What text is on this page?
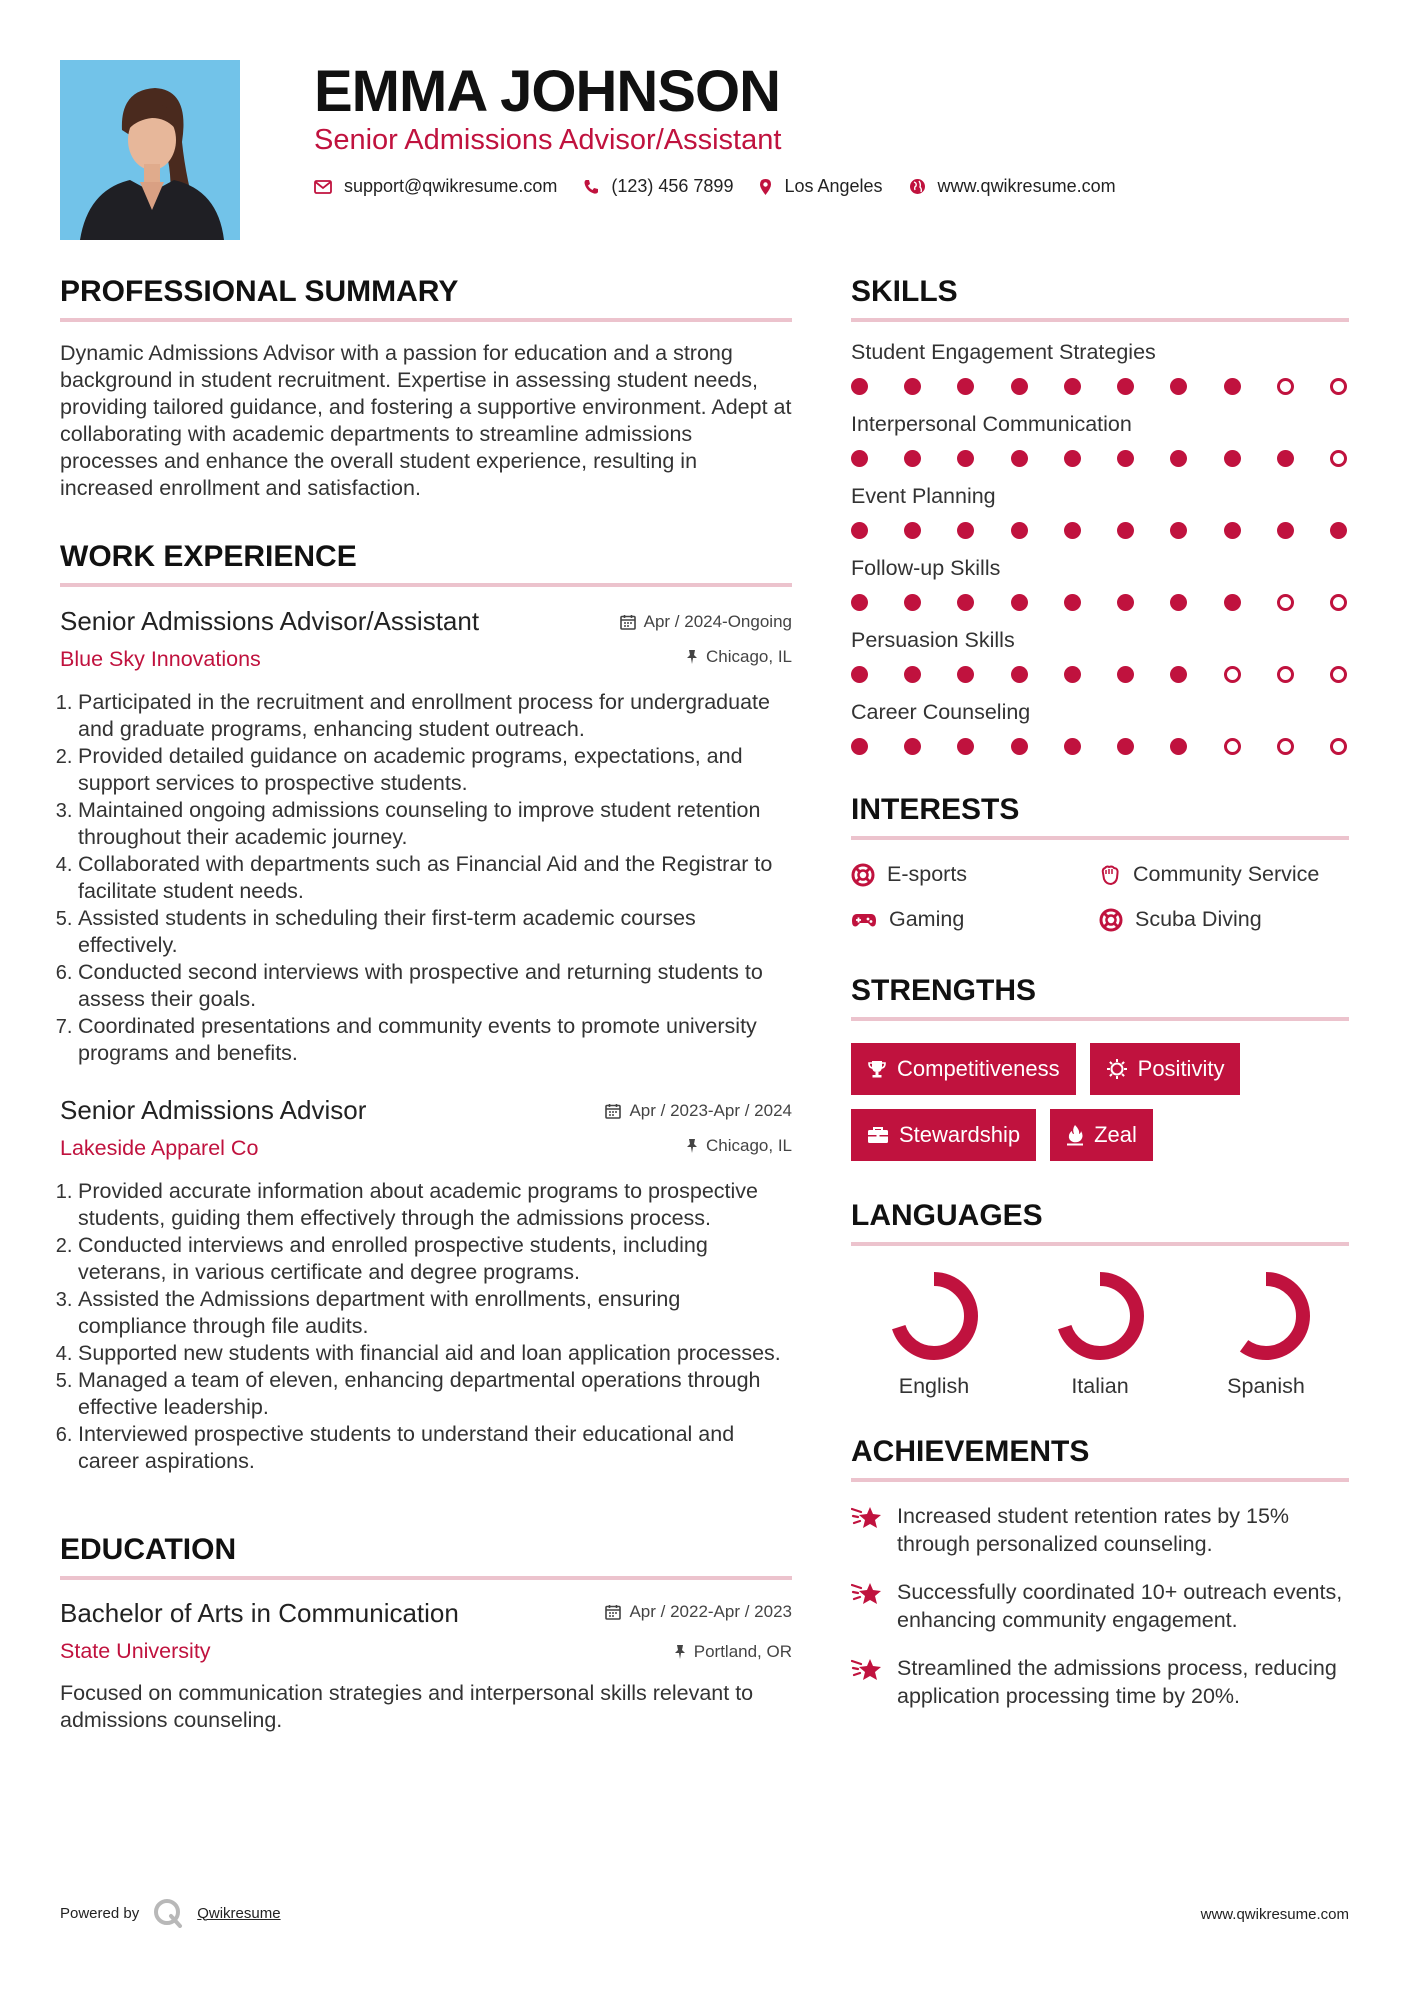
EMMA JOHNSON
Senior Admissions Advisor/Assistant
support@qwikresume.com	(123) 456 7899	Los Angeles	www.qwikresume.com
PROFESSIONAL SUMMARY

Dynamic Admissions Advisor with a passion for education and a strong background in student recruitment. Expertise in assessing student needs, providing tailored guidance, and fostering a supportive environment. Adept at collaborating with academic departments to streamline admissions processes and enhance the overall student experience, resulting in increased enrollment and satisfaction.

WORK EXPERIENCE
Senior Admissions Advisor/Assistant	Apr / 2024-Ongoing
Blue Sky Innovations	Chicago, IL
1. Participated in the recruitment and enrollment process for undergraduate and graduate programs, enhancing student outreach.
2. Provided detailed guidance on academic programs, expectations, and support services to prospective students.
3. Maintained ongoing admissions counseling to improve student retention throughout their academic journey.
4. Collaborated with departments such as Financial Aid and the Registrar to facilitate student needs.
5. Assisted students in scheduling their first-term academic courses effectively.
6. Conducted second interviews with prospective and returning students to assess their goals.
7. Coordinated presentations and community events to promote university programs and benefits.
Senior Admissions Advisor	Apr / 2023-Apr / 2024
Lakeside Apparel Co	Chicago, IL
1. Provided accurate information about academic programs to prospective students, guiding them effectively through the admissions process.
2. Conducted interviews and enrolled prospective students, including veterans, in various certificate and degree programs.
3. Assisted the Admissions department with enrollments, ensuring compliance through file audits.
4. Supported new students with financial aid and loan application processes.
5. Managed a team of eleven, enhancing departmental operations through effective leadership.
6. Interviewed prospective students to understand their educational and career aspirations.
EDUCATION
Bachelor of Arts in Communication	Apr / 2022-Apr / 2023
State University	Portland, OR

Focused on communication strategies and interpersonal skills relevant to admissions counseling.

SKILLS
Student Engagement Strategies
Interpersonal Communication
Event Planning
Follow-up Skills
Persuasion Skills
Career Counseling
INTERESTS
E-sports	Community Service
Gaming	Scuba Diving
STRENGTHS
Competitiveness	Positivity
Stewardship	Zeal
LANGUAGES
English	Italian	Spanish
ACHIEVEMENTS
Increased student retention rates by 15% through personalized counseling.
Successfully coordinated 10+ outreach events, enhancing community engagement.
Streamlined the admissions process, reducing application processing time by 20%.
Powered by	Qwikresume	www.qwikresume.com
